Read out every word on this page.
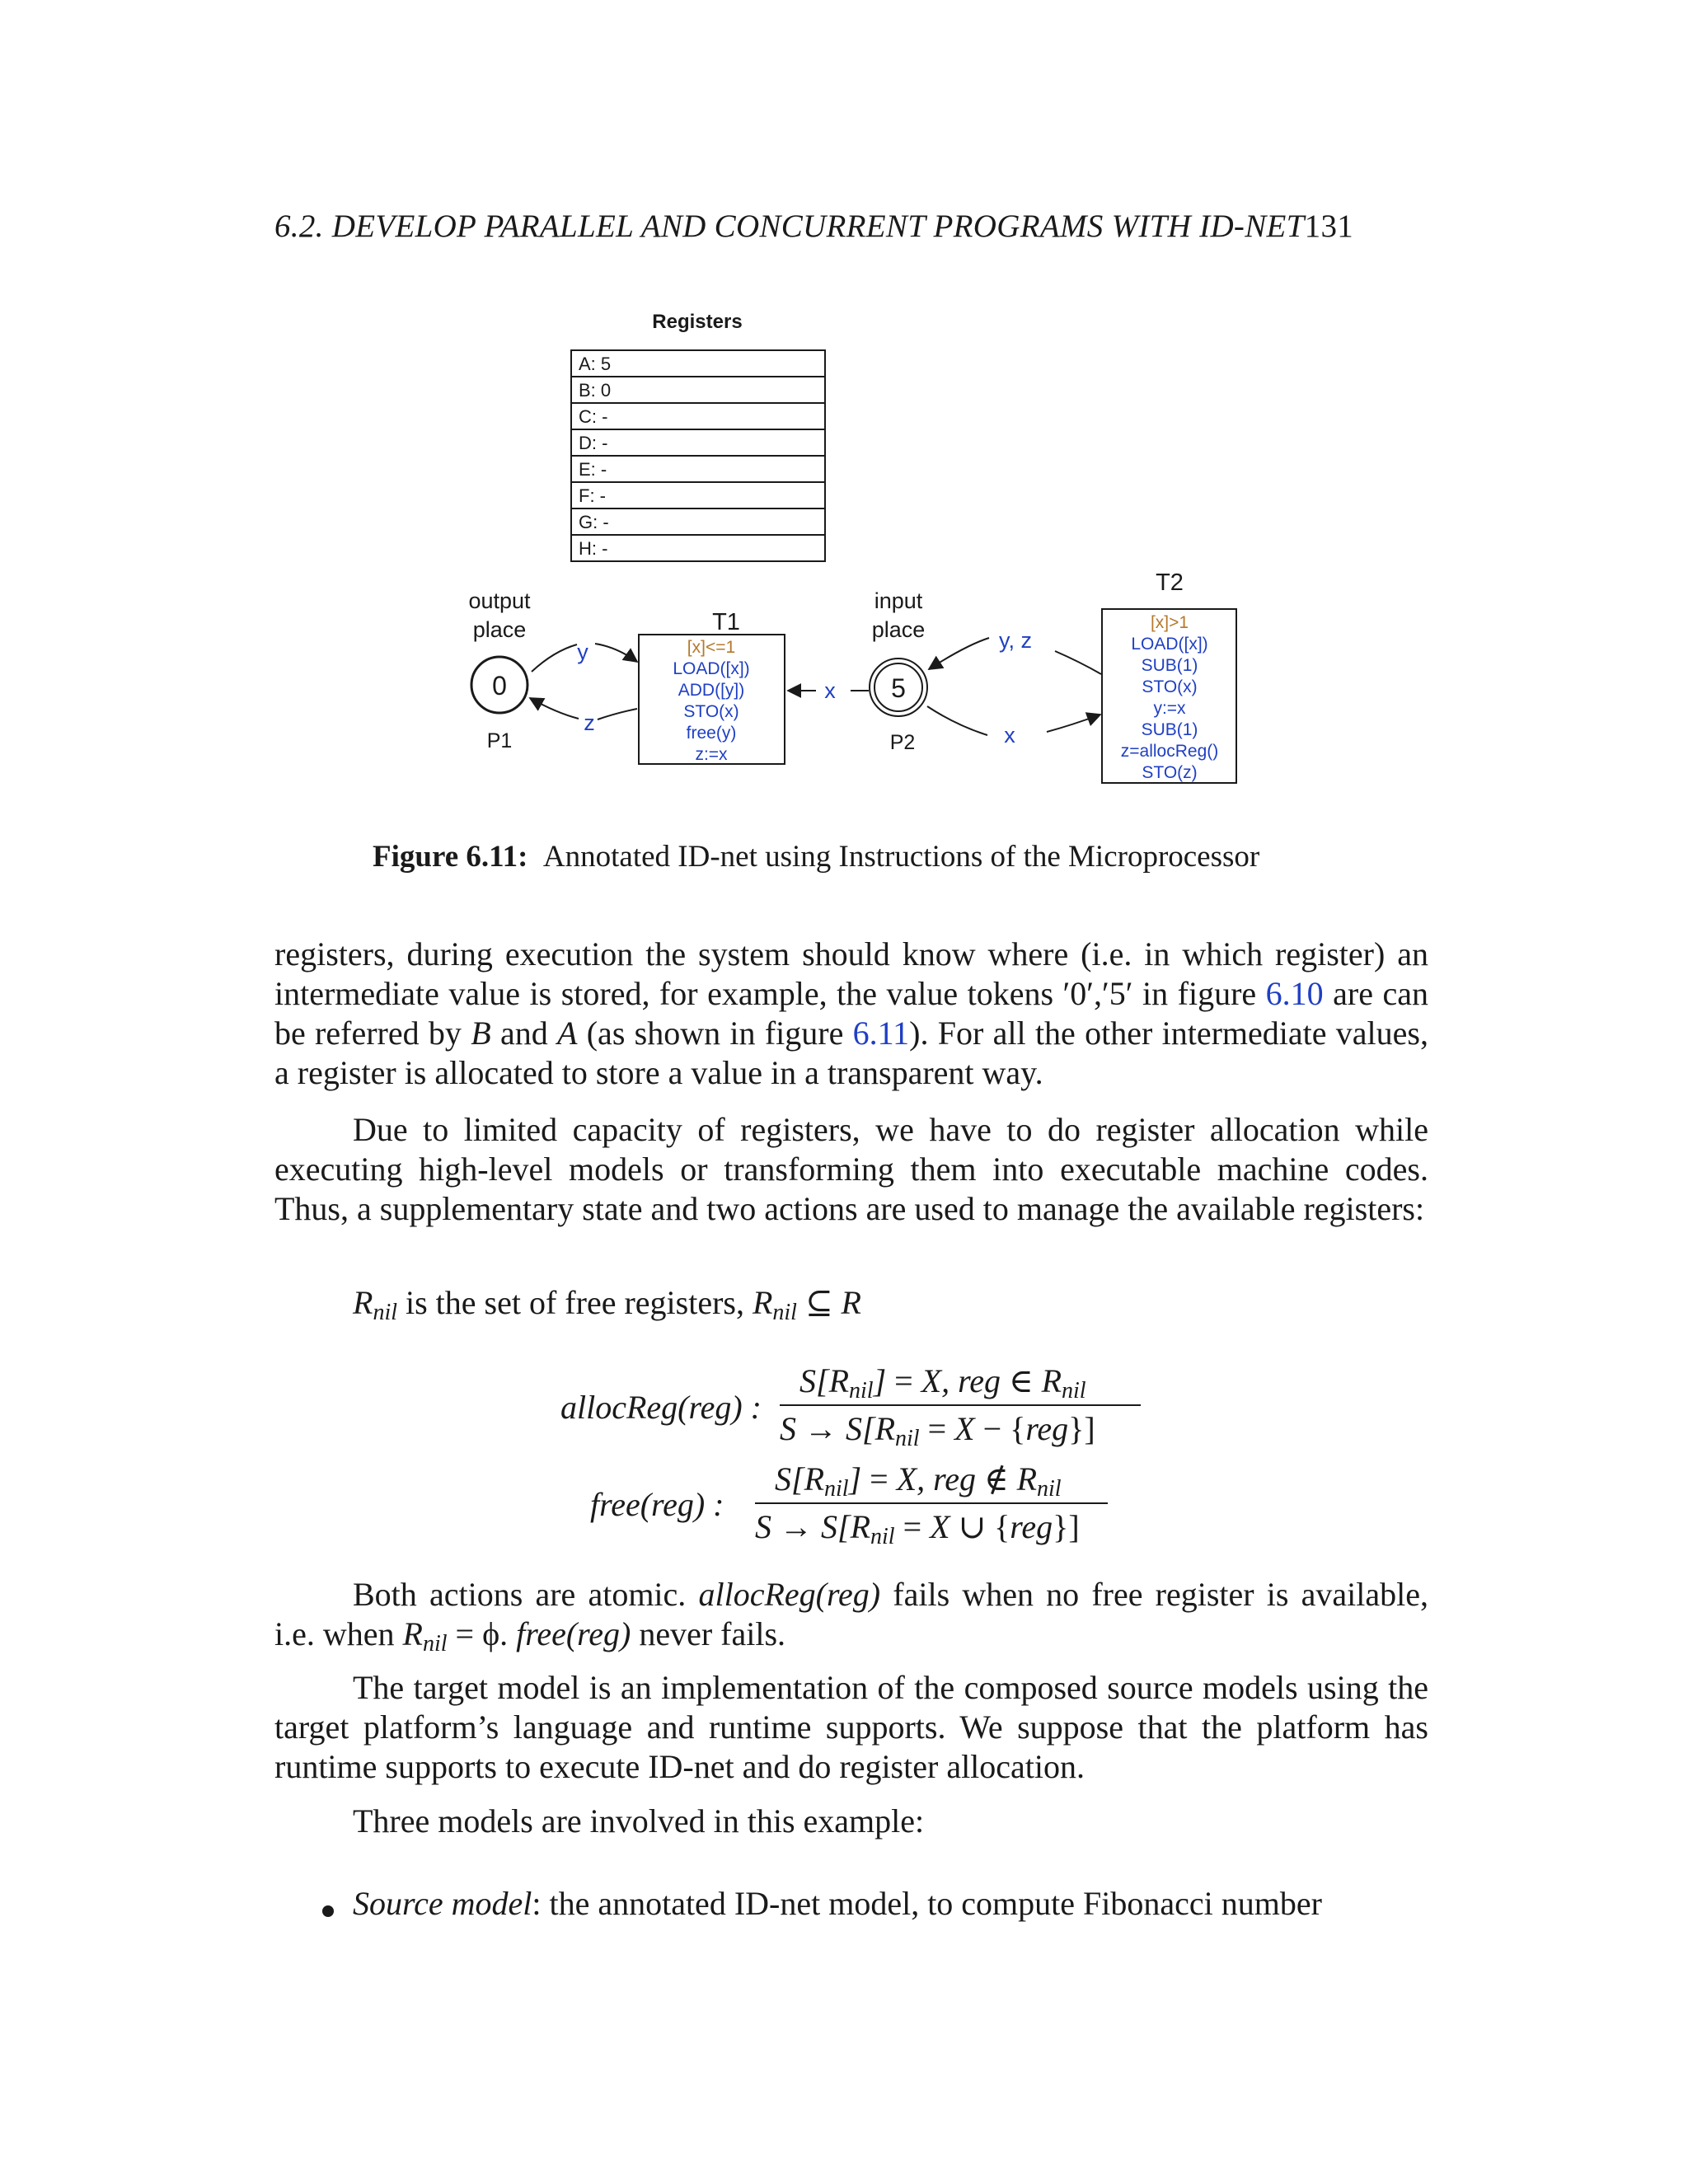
6.2. DEVELOP PARALLEL AND CONCURRENT PROGRAMS WITH ID-NET131
Registers
A: 5
B: 0
C: -
D: -
E: -
F: -
G: -
H: -
output
place
0
P1
T1
[x]<=1
LOAD([x])
ADD([y])
STO(x)
free(y)
z:=x
y
z
input
place
5
P2
x
T2
[x]>1
LOAD([x])
SUB(1)
STO(x)
y:=x
SUB(1)
z=allocReg()
STO(z)
y, z
x
Figure 6.11: Annotated ID-net using Instructions of the Microprocessor

registers, during execution the system should know where (i.e. in which register) an intermediate value is stored, for example, the value tokens ′0′,′5′ in figure 6.10 are can be referred by B and A (as shown in figure 6.11). For all the other intermediate values, a register is allocated to store a value in a transparent way.

Due to limited capacity of registers, we have to do register allocation while executing high-level models or transforming them into executable machine codes. Thus, a supplementary state and two actions are used to manage the available registers:

$R_{nil}$ is the set of free registers, $R_{nil}$ ⊆ R

allocReg(reg) :
$S[R_{nil}] = X$, reg ∈ $R_{nil}$
$S \to S[R_{nil} = X - \{reg\}]$
free(reg) :
$S[R_{nil}] = X$, reg ∉ $R_{nil}$
$S \to S[R_{nil} = X$ ∪ {reg}]

Both actions are atomic. allocReg(reg) fails when no free register is available, i.e. when $R_{nil} = \phi$. free(reg) never fails.

The target model is an implementation of the composed source models using the target platform’s language and runtime supports. We suppose that the platform has runtime supports to execute ID-net and do register allocation.

Three models are involved in this example:

Source model: the annotated ID-net model, to compute Fibonacci number
